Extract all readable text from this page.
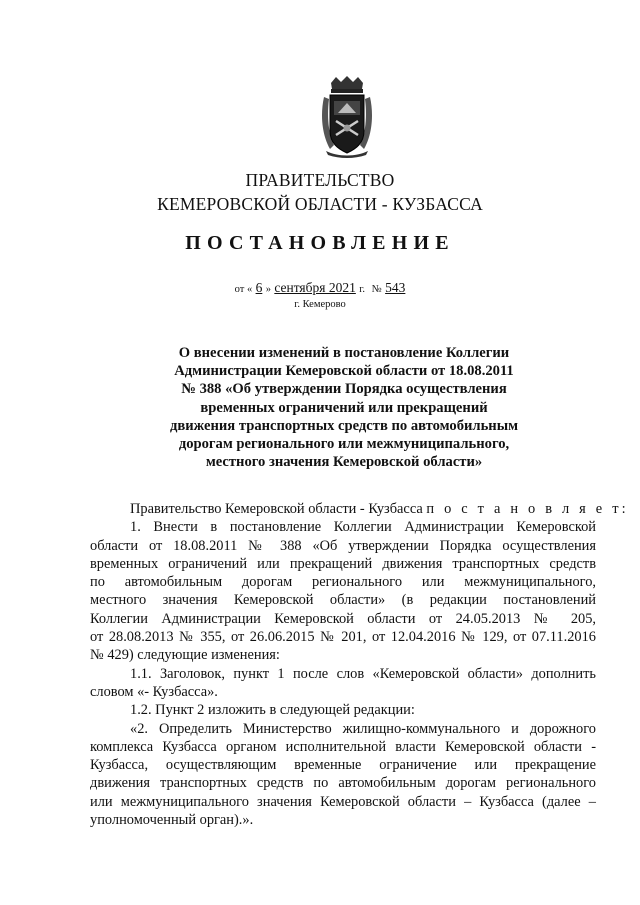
ПРАВИТЕЛЬСТВО
КЕМЕРОВСКОЙ ОБЛАСТИ - КУЗБАССА
ПОСТАНОВЛЕНИЕ
от « 6 » сентября 2021 г. № 543
г. Кемерово
О внесении изменений в постановление Коллегии
Администрации Кемеровской области от 18.08.2011
№ 388 «Об утверждении Порядка осуществления
временных ограничений или прекращений
движения транспортных средств по автомобильным
дорогам регионального или межмуниципального,
местного значения Кемеровской области»
Правительство Кемеровской области - Кузбасса п о с т а н о в л я е т:
1. Внести в постановление Коллегии Администрации Кемеровской
области от 18.08.2011 № 388 «Об утверждении Порядка осуществления
временных ограничений или прекращений движения транспортных средств
по автомобильным дорогам регионального или межмуниципального,
местного значения Кемеровской области» (в редакции постановлений
Коллегии Администрации Кемеровской области от 24.05.2013 № 205,
от 28.08.2013 № 355, от 26.06.2015 № 201, от 12.04.2016 № 129, от 07.11.2016
№ 429) следующие изменения:
1.1. Заголовок, пункт 1 после слов «Кемеровской области» дополнить
словом «- Кузбасса».
1.2. Пункт 2 изложить в следующей редакции:
«2. Определить Министерство жилищно-коммунального и дорожного
комплекса Кузбасса органом исполнительной власти Кемеровской области -
Кузбасса, осуществляющим временные ограничение или прекращение
движения транспортных средств по автомобильным дорогам регионального
или межмуниципального значения Кемеровской области – Кузбасса (далее –
уполномоченный орган).».
